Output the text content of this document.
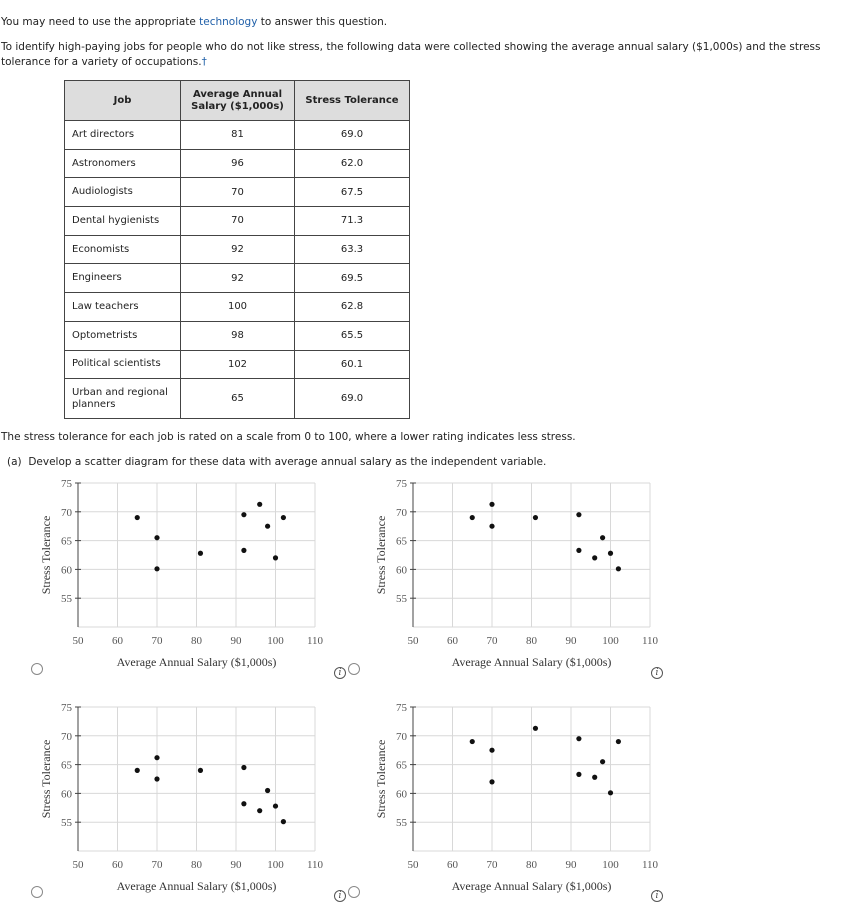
You may need to use the appropriate technology to answer this question.
To identify high-paying jobs for people who do not like stress, the following data were collected showing the average annual salary ($1,000s) and the stress
tolerance for a variety of occupations.†
Job	Average Annual
Salary ($1,000s)	Stress Tolerance
Art directors	81	69.0
Astronomers	96	62.0
Audiologists	70	67.5
Dental hygienists	70	71.3
Economists	92	63.3
Engineers	92	69.5
Law teachers	100	62.8
Optometrists	98	65.5
Political scientists	102	60.1
Urban and regional
planners	65	69.0
The stress tolerance for each job is rated on a scale from 0 to 100, where a lower rating indicates less stress.
(a) Develop a scatter diagram for these data with average annual salary as the independent variable.
55
60
65
70
75
50	60	70	80	90 100 110
Average Annual Salary ($1,000s)
Stress Tolerance
55
60
65
70
75
50	60	70	80	90 100 110
Average Annual Salary ($1,000s)
Stress Tolerance
55
60
65
70
75
50	60	70	80	90 100 110
Average Annual Salary ($1,000s)
Stress Tolerance
55
60
65
70
75
50	60	70	80	90 100 110
Average Annual Salary ($1,000s)
Stress Tolerance
i	i
i	i
